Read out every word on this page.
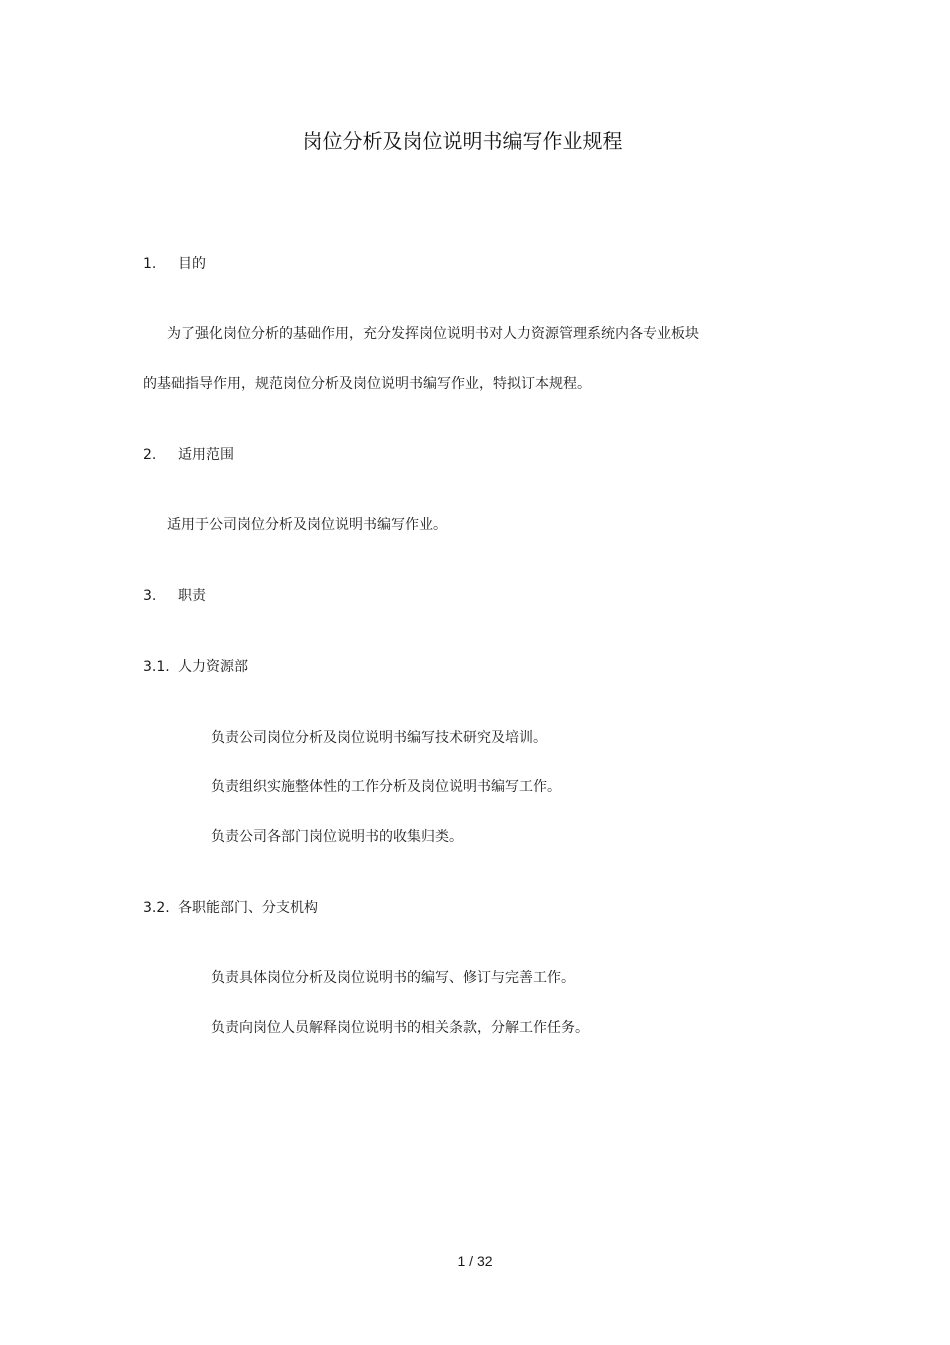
岗位分析及岗位说明书编写作业规程
1. 目的
为了强化岗位分析的基础作用，充分发挥岗位说明书对人力资源管理系统内各专业板块
的基础指导作用，规范岗位分析及岗位说明书编写作业，特拟订本规程。
2. 适用范围
适用于公司岗位分析及岗位说明书编写作业。
3. 职责
3.1. 人力资源部
负责公司岗位分析及岗位说明书编写技术研究及培训。
负责组织实施整体性的工作分析及岗位说明书编写工作。
负责公司各部门岗位说明书的收集归类。
3.2. 各职能部门、分支机构
负责具体岗位分析及岗位说明书的编写、修订与完善工作。
负责向岗位人员解释岗位说明书的相关条款，分解工作任务。
1 / 32
